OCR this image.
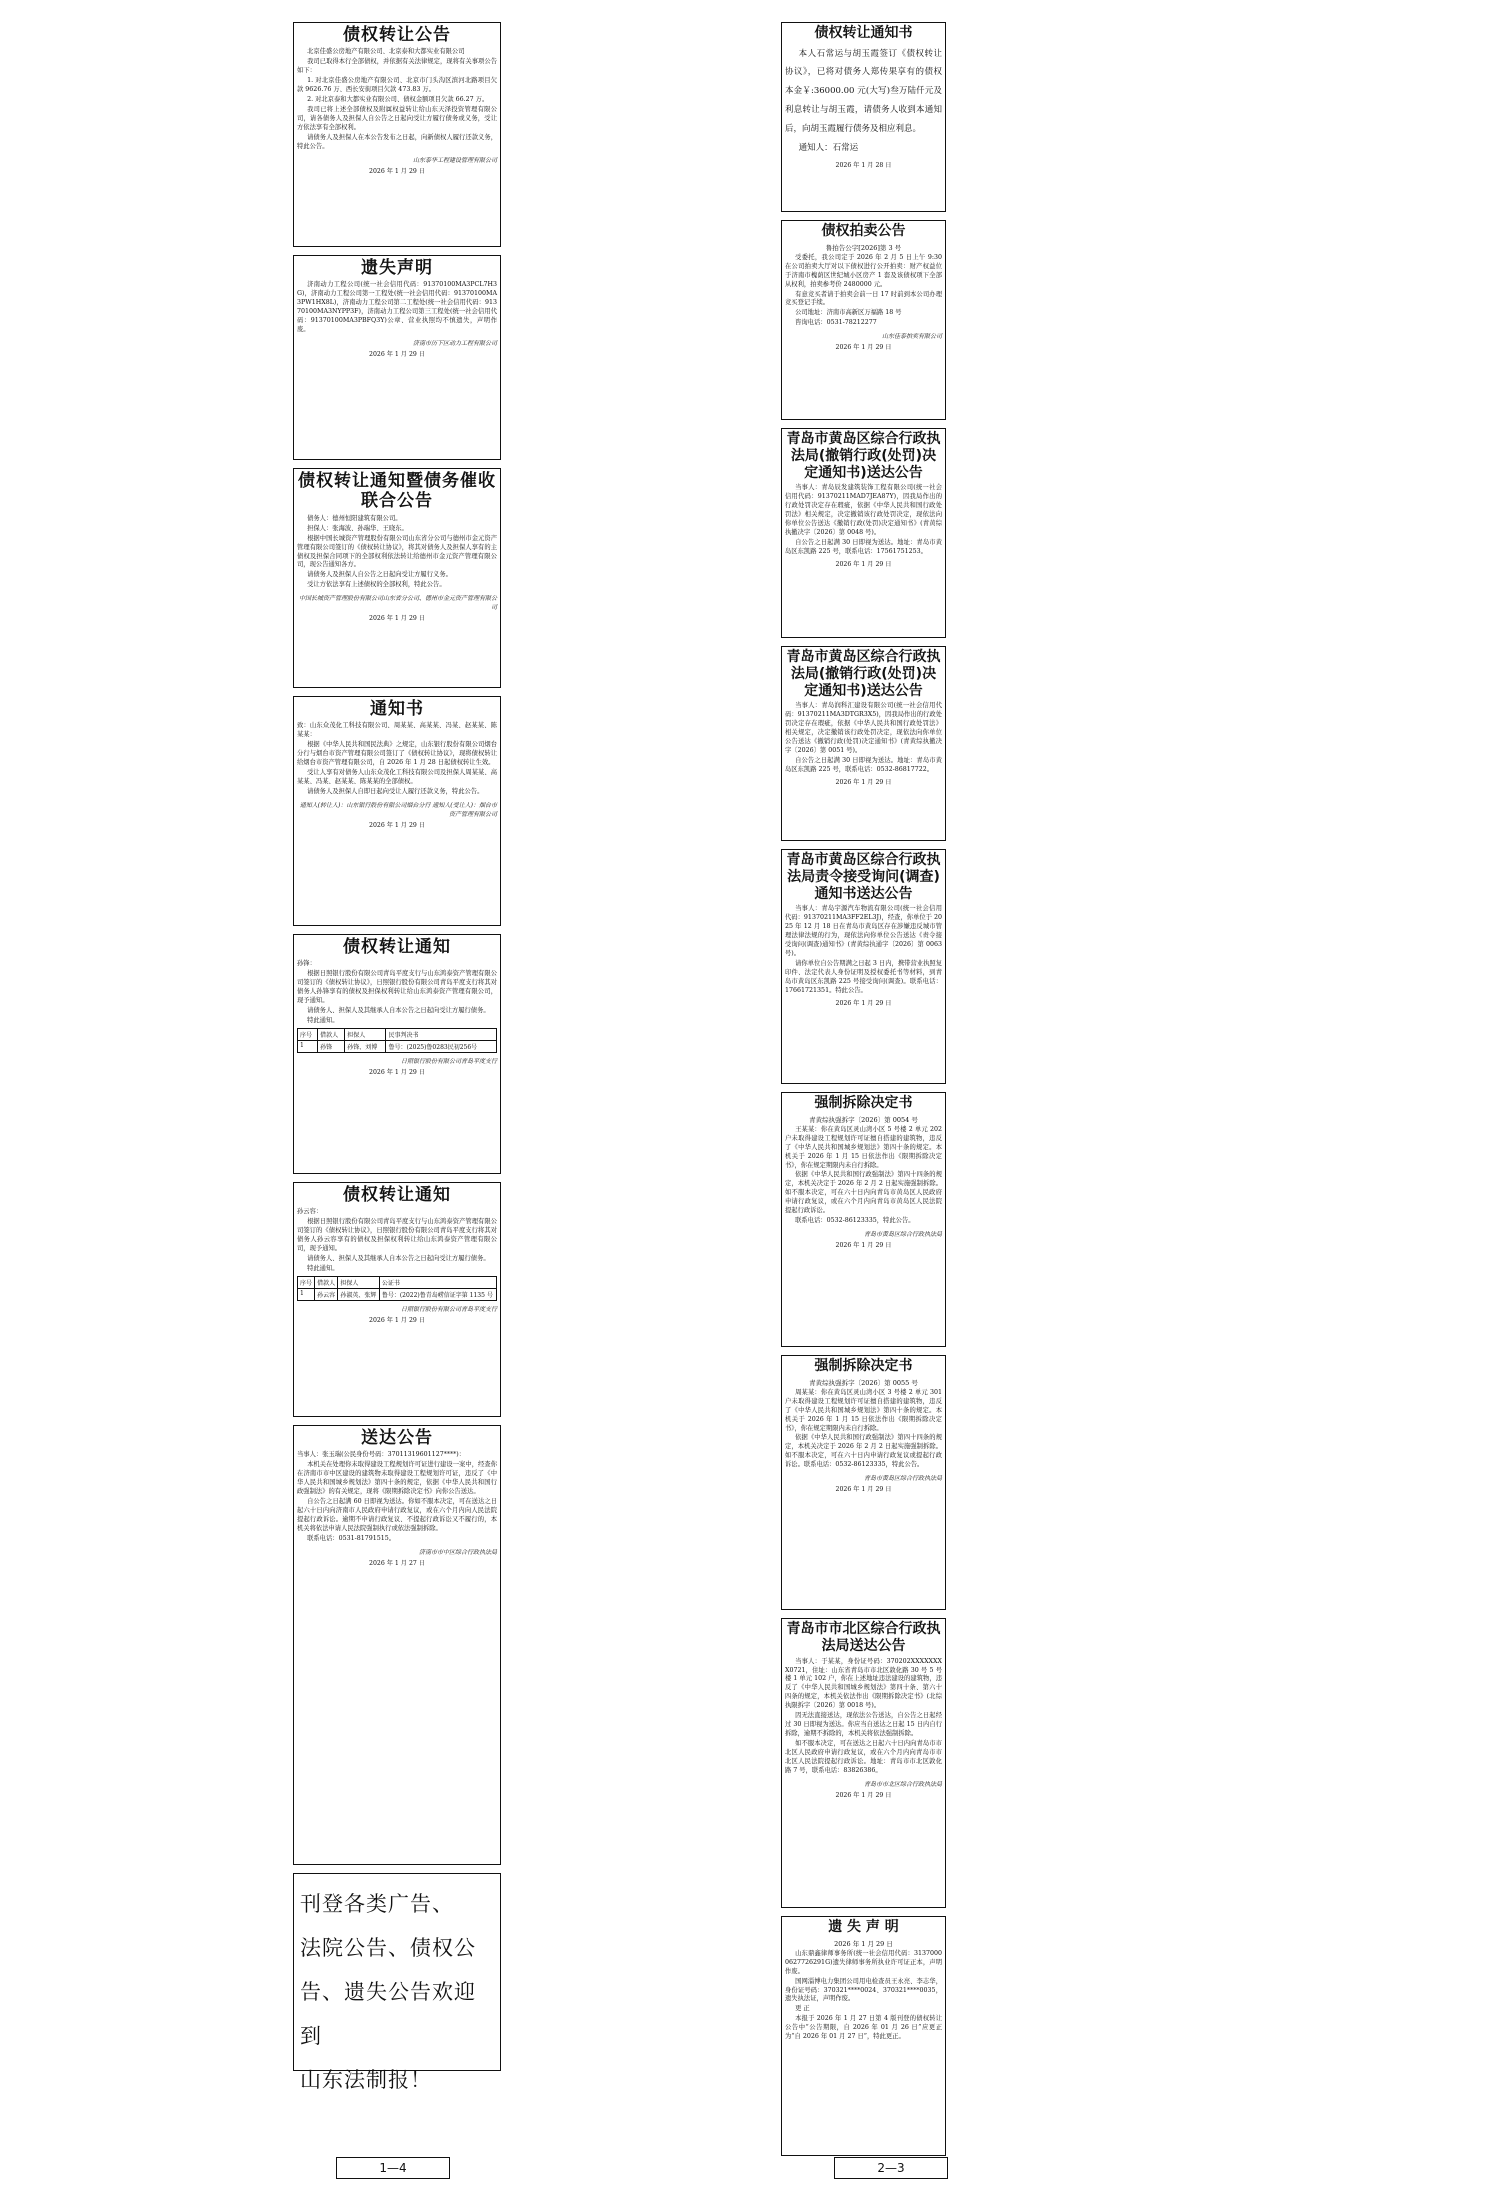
债权转让公告

北京佳盛公房地产有限公司、北京泰和大都实业有限公司

我司已取得本行全部债权，并依据有关法律规定，现将有关事项公告如下：

1. 对北京佳盛公房地产有限公司、北京市门头沟区滨河北路项目欠款 9626.76 万、西长安街项目欠款 473.83 万。

2. 对北京泰和大都实业有限公司、债权金额项目欠款 66.27 万。

我司已将上述全部债权及附属权益转让给山东天泽投资管理有限公司，请各债务人及担保人自公告之日起向受让方履行债务或义务，受让方依法享有全部权利。

请债务人及担保人在本公告发布之日起，向新债权人履行还款义务，特此公告。

山东泰华工程建设管理有限公司
2026 年 1 月 29 日
遗失声明

济南动力工程公司(统一社会信用代码：91370100MA3PCL7H3G)，济南动力工程公司第一工程处(统一社会信用代码：91370100MA3PW1HX8L)，济南动力工程公司第二工程处(统一社会信用代码：91370100MA3NYPP3F)，济南动力工程公司第三工程处(统一社会信用代码：91370100MA3PBFQ3Y)公章、营业执照均不慎遗失，声明作废。

济南市历下区动力工程有限公司
2026 年 1 月 29 日
债权转让通知暨债务催收联合公告

债务人：德州恒阳建筑有限公司。

担保人：张海波、孙瑞华、王晓东。

根据中国长城资产管理股份有限公司山东省分公司与德州市金元资产管理有限公司签订的《债权转让协议》，将其对债务人及担保人享有的主债权及担保合同项下的全部权利依法转让给德州市金元资产管理有限公司，现公告通知各方。

请债务人及担保人自公告之日起向受让方履行义务。

受让方依法享有上述债权的全部权利，特此公告。

中国长城资产管理股份有限公司山东省分公司、德州市金元资产管理有限公司
2026 年 1 月 29 日
通知书

致：山东众茂化工科技有限公司、周某某、高某某、冯某、赵某某、陈某某：

根据《中华人民共和国民法典》之规定，山东银行股份有限公司烟台分行与烟台市资产管理有限公司签订了《债权转让协议》，现将债权转让给烟台市资产管理有限公司，自 2026 年 1 月 28 日起债权转让生效。

受让人享有对债务人山东众茂化工科技有限公司及担保人周某某、高某某、冯某、赵某某、陈某某的全部债权。

请债务人及担保人自即日起向受让人履行还款义务，特此公告。

通知人(转让人)：山东银行股份有限公司烟台分行 通知人(受让人)：烟台市资产管理有限公司
2026 年 1 月 29 日
债权转让通知

孙锋：

根据日照银行股份有限公司青岛平度支行与山东鸿泰资产管理有限公司签订的《债权转让协议》，日照银行股份有限公司青岛平度支行将其对债务人孙锋享有的债权及担保权利转让给山东鸿泰资产管理有限公司，现予通知。

请债务人、担保人及其继承人自本公告之日起向受让方履行债务。

特此通知。

序号	借款人	担保人	民事判决书
1	孙锋	孙锋、刘博	鲁号：(2025)鲁0283民初256号
日照银行股份有限公司青岛平度支行
2026 年 1 月 29 日
债权转让通知

孙云容：

根据日照银行股份有限公司青岛平度支行与山东鸿泰资产管理有限公司签订的《债权转让协议》，日照银行股份有限公司青岛平度支行将其对债务人孙云容享有的债权及担保权利转让给山东鸿泰资产管理有限公司，现予通知。

请债务人、担保人及其继承人自本公告之日起向受让方履行债务。

特此通知。

序号	借款人	担保人	公证书
1	孙云容	孙淑英、张辉	鲁号：(2022)鲁青岛崂信证字第 1135 号
日照银行股份有限公司青岛平度支行
2026 年 1 月 29 日
送达公告

当事人：张玉瑞(公民身份号码：37011319601127****)：

本机关在处理你未取得建设工程规划许可证进行建设一案中，经查你在济南市市中区建设的建筑物未取得建设工程规划许可证，违反了《中华人民共和国城乡规划法》第四十条的规定，依据《中华人民共和国行政强制法》的有关规定，现将《限期拆除决定书》向你公告送达。

自公告之日起满 60 日即视为送达。你如不服本决定，可在送达之日起六十日内向济南市人民政府申请行政复议，或在六个月内向人民法院提起行政诉讼。逾期不申请行政复议、不提起行政诉讼又不履行的，本机关将依法申请人民法院强制执行或依法强制拆除。

联系电话：0531-81791515。

济南市市中区综合行政执法局
2026 年 1 月 27 日

刊登各类广告、

法院公告、债权公

告、遗失公告欢迎到

山东法制报！

债权转让通知书

本人石常运与胡玉霞签订《债权转让协议》，已将对债务人郑传果享有的债权本金￥:36000.00 元(大写)叁万陆仟元及利息转让与胡玉霞，请债务人收到本通知后，向胡玉霞履行债务及相应利息。

通知人：石常运

2026 年 1 月 28 日
债权拍卖公告
鲁拍告公字[2026]第 3 号

受委托，我公司定于 2026 年 2 月 5 日上午 9:30 在公司拍卖大厅对以下债权进行公开拍卖：财产权益位于济南市槐荫区世纪城小区房产 1 套及该债权项下全部从权利，拍卖参考价 2480000 元。

有意竞买者请于拍卖会前一日 17 时前到本公司办理竞买登记手续。

公司地址：济南市高新区万福路 18 号

咨询电话：0531-78212277

山东佳泰拍卖有限公司
2026 年 1 月 29 日
青岛市黄岛区综合行政执法局(撤销行政(处罚)决定通知书)送达公告

当事人：青岛辰发建筑装饰工程有限公司(统一社会信用代码：91370211MAD7JEA87Y)，因我局作出的行政处罚决定存在瑕疵，依据《中华人民共和国行政处罚法》相关规定，决定撤销该行政处罚决定，现依法向你单位公告送达《撤销行政(处罚)决定通知书》(青黄综执撤决字〔2026〕第 0048 号)。

自公告之日起满 30 日即视为送达。地址：青岛市黄岛区东凯路 225 号，联系电话：17561751253。

2026 年 1 月 29 日
青岛市黄岛区综合行政执法局(撤销行政(处罚)决定通知书)送达公告

当事人：青岛润科汇建设有限公司(统一社会信用代码：91370211MA3DTGR3X5)，因我局作出的行政处罚决定存在瑕疵，依据《中华人民共和国行政处罚法》相关规定，决定撤销该行政处罚决定，现依法向你单位公告送达《撤销行政(处罚)决定通知书》(青黄综执撤决字〔2026〕第 0051 号)。

自公告之日起满 30 日即视为送达。地址：青岛市黄岛区东凯路 225 号，联系电话：0532-86817722。

2026 年 1 月 29 日
青岛市黄岛区综合行政执法局责令接受询问(调查)通知书送达公告

当事人：青岛宇源汽车物流有限公司(统一社会信用代码：91370211MA3FF2EL3J)，经查，你单位于 2025 年 12 月 18 日在青岛市黄岛区存在涉嫌违反城市管理法律法规的行为，现依法向你单位公告送达《责令接受询问(调查)通知书》(青黄综执通字〔2026〕第 0063 号)。

请你单位自公告期满之日起 3 日内，携带营业执照复印件、法定代表人身份证明及授权委托书等材料，到青岛市黄岛区东凯路 225 号接受询问(调查)。联系电话：17661721351。特此公告。

2026 年 1 月 29 日
强制拆除决定书
青黄综执强拆字〔2026〕第 0054 号

王某某：你在黄岛区灵山湾小区 5 号楼 2 单元 202 户未取得建设工程规划许可证擅自搭建的建筑物，违反了《中华人民共和国城乡规划法》第四十条的规定。本机关于 2026 年 1 月 15 日依法作出《限期拆除决定书》，你在规定期限内未自行拆除。

依据《中华人民共和国行政强制法》第四十四条的规定，本机关决定于 2026 年 2 月 2 日起实施强制拆除。如不服本决定，可在六十日内向青岛市黄岛区人民政府申请行政复议，或在六个月内向青岛市黄岛区人民法院提起行政诉讼。

联系电话：0532-86123335，特此公告。

青岛市黄岛区综合行政执法局
2026 年 1 月 29 日
强制拆除决定书
青黄综执强拆字〔2026〕第 0055 号

周某某：你在黄岛区灵山湾小区 3 号楼 2 单元 301 户未取得建设工程规划许可证擅自搭建的建筑物，违反了《中华人民共和国城乡规划法》第四十条的规定。本机关于 2026 年 1 月 15 日依法作出《限期拆除决定书》，你在规定期限内未自行拆除。

依据《中华人民共和国行政强制法》第四十四条的规定，本机关决定于 2026 年 2 月 2 日起实施强制拆除。如不服本决定，可在六十日内申请行政复议或提起行政诉讼。联系电话：0532-86123335，特此公告。

青岛市黄岛区综合行政执法局
2026 年 1 月 29 日
青岛市市北区综合行政执法局送达公告

当事人：于某某，身份证号码：370202XXXXXXXX0721，住址：山东省青岛市市北区敦化路 30 号 5 号楼 1 单元 102 户，你在上述地址违法建设的建筑物，违反了《中华人民共和国城乡规划法》第四十条、第六十四条的规定，本机关依法作出《限期拆除决定书》(北综执限拆字〔2026〕第 0018 号)。

因无法直接送达，现依法公告送达，自公告之日起经过 30 日即视为送达。你应当自送达之日起 15 日内自行拆除，逾期不拆除的，本机关将依法强制拆除。

如不服本决定，可在送达之日起六十日内向青岛市市北区人民政府申请行政复议，或在六个月内向青岛市市北区人民法院提起行政诉讼。地址：青岛市市北区敦化路 7 号，联系电话：83826386。

青岛市市北区综合行政执法局
2026 年 1 月 29 日
遗 失 声 明
2026 年 1 月 29 日

山东鼎鑫律师事务所(统一社会信用代码：31370000627726291G)遗失律师事务所执业许可证正本，声明作废。

国网淄博电力集团公司用电检查员王永亮、李志华，身份证号码：370321****0024、370321****0035，遗失执法证，声明作废。

更 正

本报于 2026 年 1 月 27 日第 4 版刊登的债权转让公告中“公告期限，自 2026 年 01 月 26 日”应更正为“自 2026 年 01 月 27 日”，特此更正。

1—4	2—3
